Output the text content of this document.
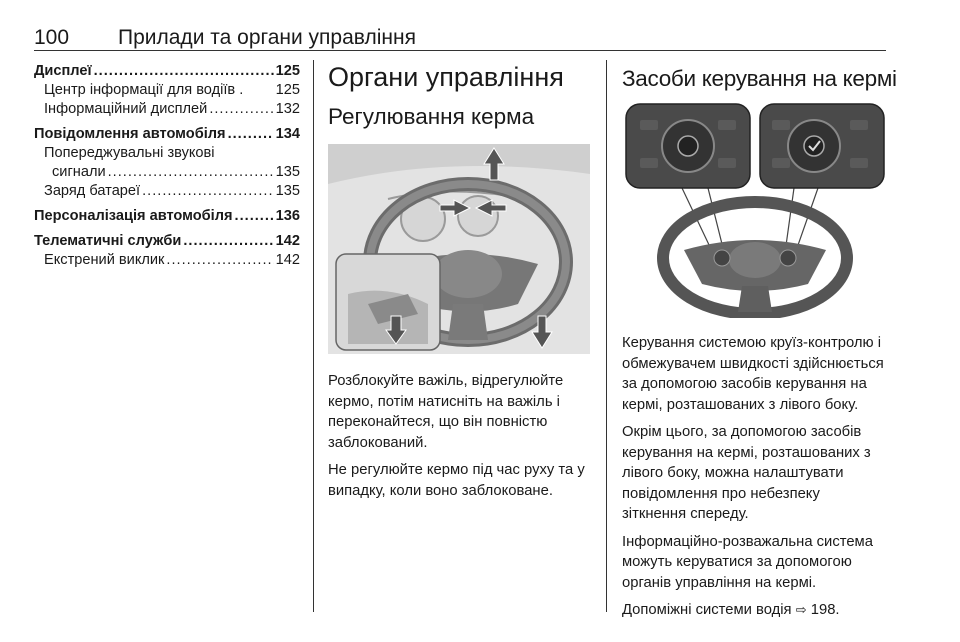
100 Прилади та органи управління
Дисплеї .....	125
Центр інформації для водіїв . 125
Інформаційний дисплей .....	132
Повідомлення автомобіля .....	134
Попереджувальні звукові
сигнали .....	135
Заряд батареї .....	135
Персоналізація автомобіля .....	136
Телематичні служби .....	142
Екстрений виклик .....	142
Органи управління
Регулювання керма

Розблокуйте важіль, відрегулюйте кермо, потім натисніть на важіль і переконайтеся, що він повністю заблокований.

Не регулюйте кермо під час руху та у випадку, коли воно заблоковане.

Засоби керування на кермі

Керування системою круїз-контролю і обмежувачем швидкості здійснюється за допомогою засобів керування на кермі, розташованих з лівого боку.

Окрім цього, за допомогою засобів керування на кермі, розташованих з лівого боку, можна налаштувати повідомлення про небезпеку зіткнення спереду.

Інформаційно-розважальна система можуть керуватися за допомогою органів управління на кермі.

Допоміжні системи водія ⇨ 198.
